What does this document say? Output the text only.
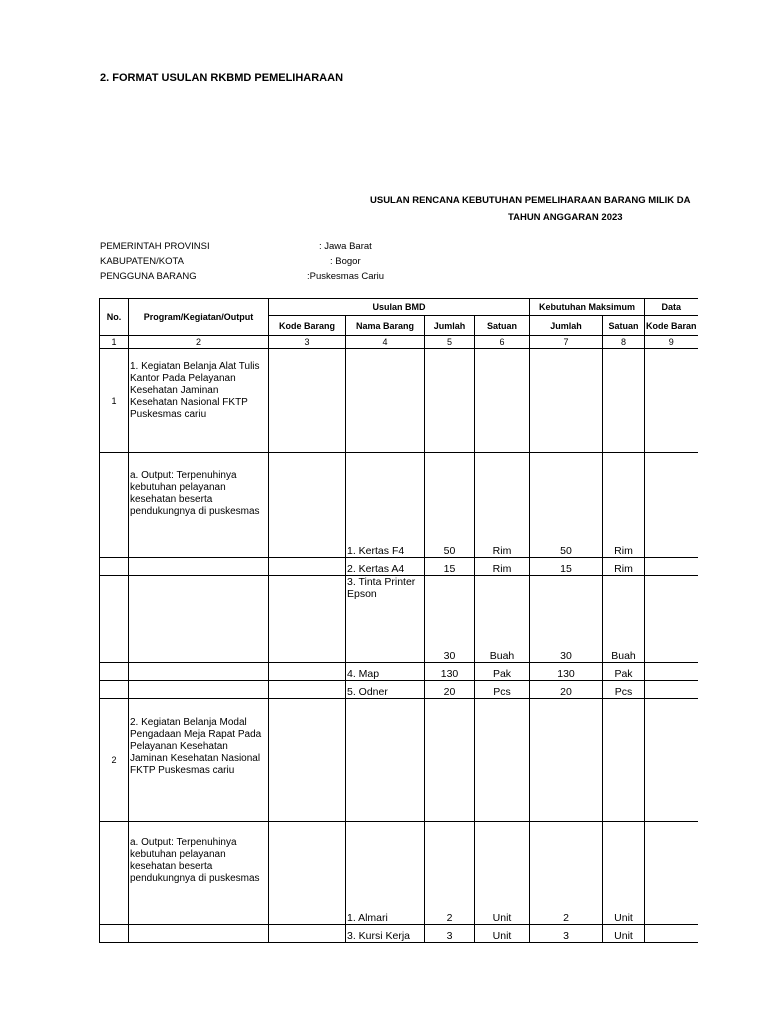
2. FORMAT USULAN RKBMD PEMELIHARAAN
USULAN RENCANA KEBUTUHAN PEMELIHARAAN BARANG MILIK DA
TAHUN ANGGARAN 2023
PEMERINTAH PROVINSI	: Jawa Barat
KABUPATEN/KOTA	: Bogor
PENGGUNA BARANG	:Puskesmas Cariu
No.	Program/Kegiatan/Output	Usulan BMD				Kebutuhan Maksimum		Data
		Kode Barang	Nama Barang	Jumlah	Satuan	Jumlah	Satuan	Kode Baran
1	2	3	4	5	6	7	8	9
1	1. Kegiatan Belanja Alat Tulis Kantor Pada Pelayanan Kesehatan Jaminan Kesehatan Nasional FKTP Puskesmas cariu							
	a. Output: Terpenuhinya kebutuhan pelayanan kesehatan beserta pendukungnya di puskesmas		1. Kertas F4	50	Rim	50	Rim	
			2. Kertas A4	15	Rim	15	Rim	
			3. Tinta Printer Epson	30	Buah	30	Buah	
			4. Map	130	Pak	130	Pak	
			5. Odner	20	Pcs	20	Pcs	
2	2. Kegiatan Belanja Modal Pengadaan Meja Rapat Pada Pelayanan Kesehatan Jaminan Kesehatan Nasional FKTP Puskesmas cariu							
	a. Output: Terpenuhinya kebutuhan pelayanan kesehatan beserta pendukungnya di puskesmas		1. Almari	2	Unit	2	Unit	
			3. Kursi Kerja	3	Unit	3	Unit	
